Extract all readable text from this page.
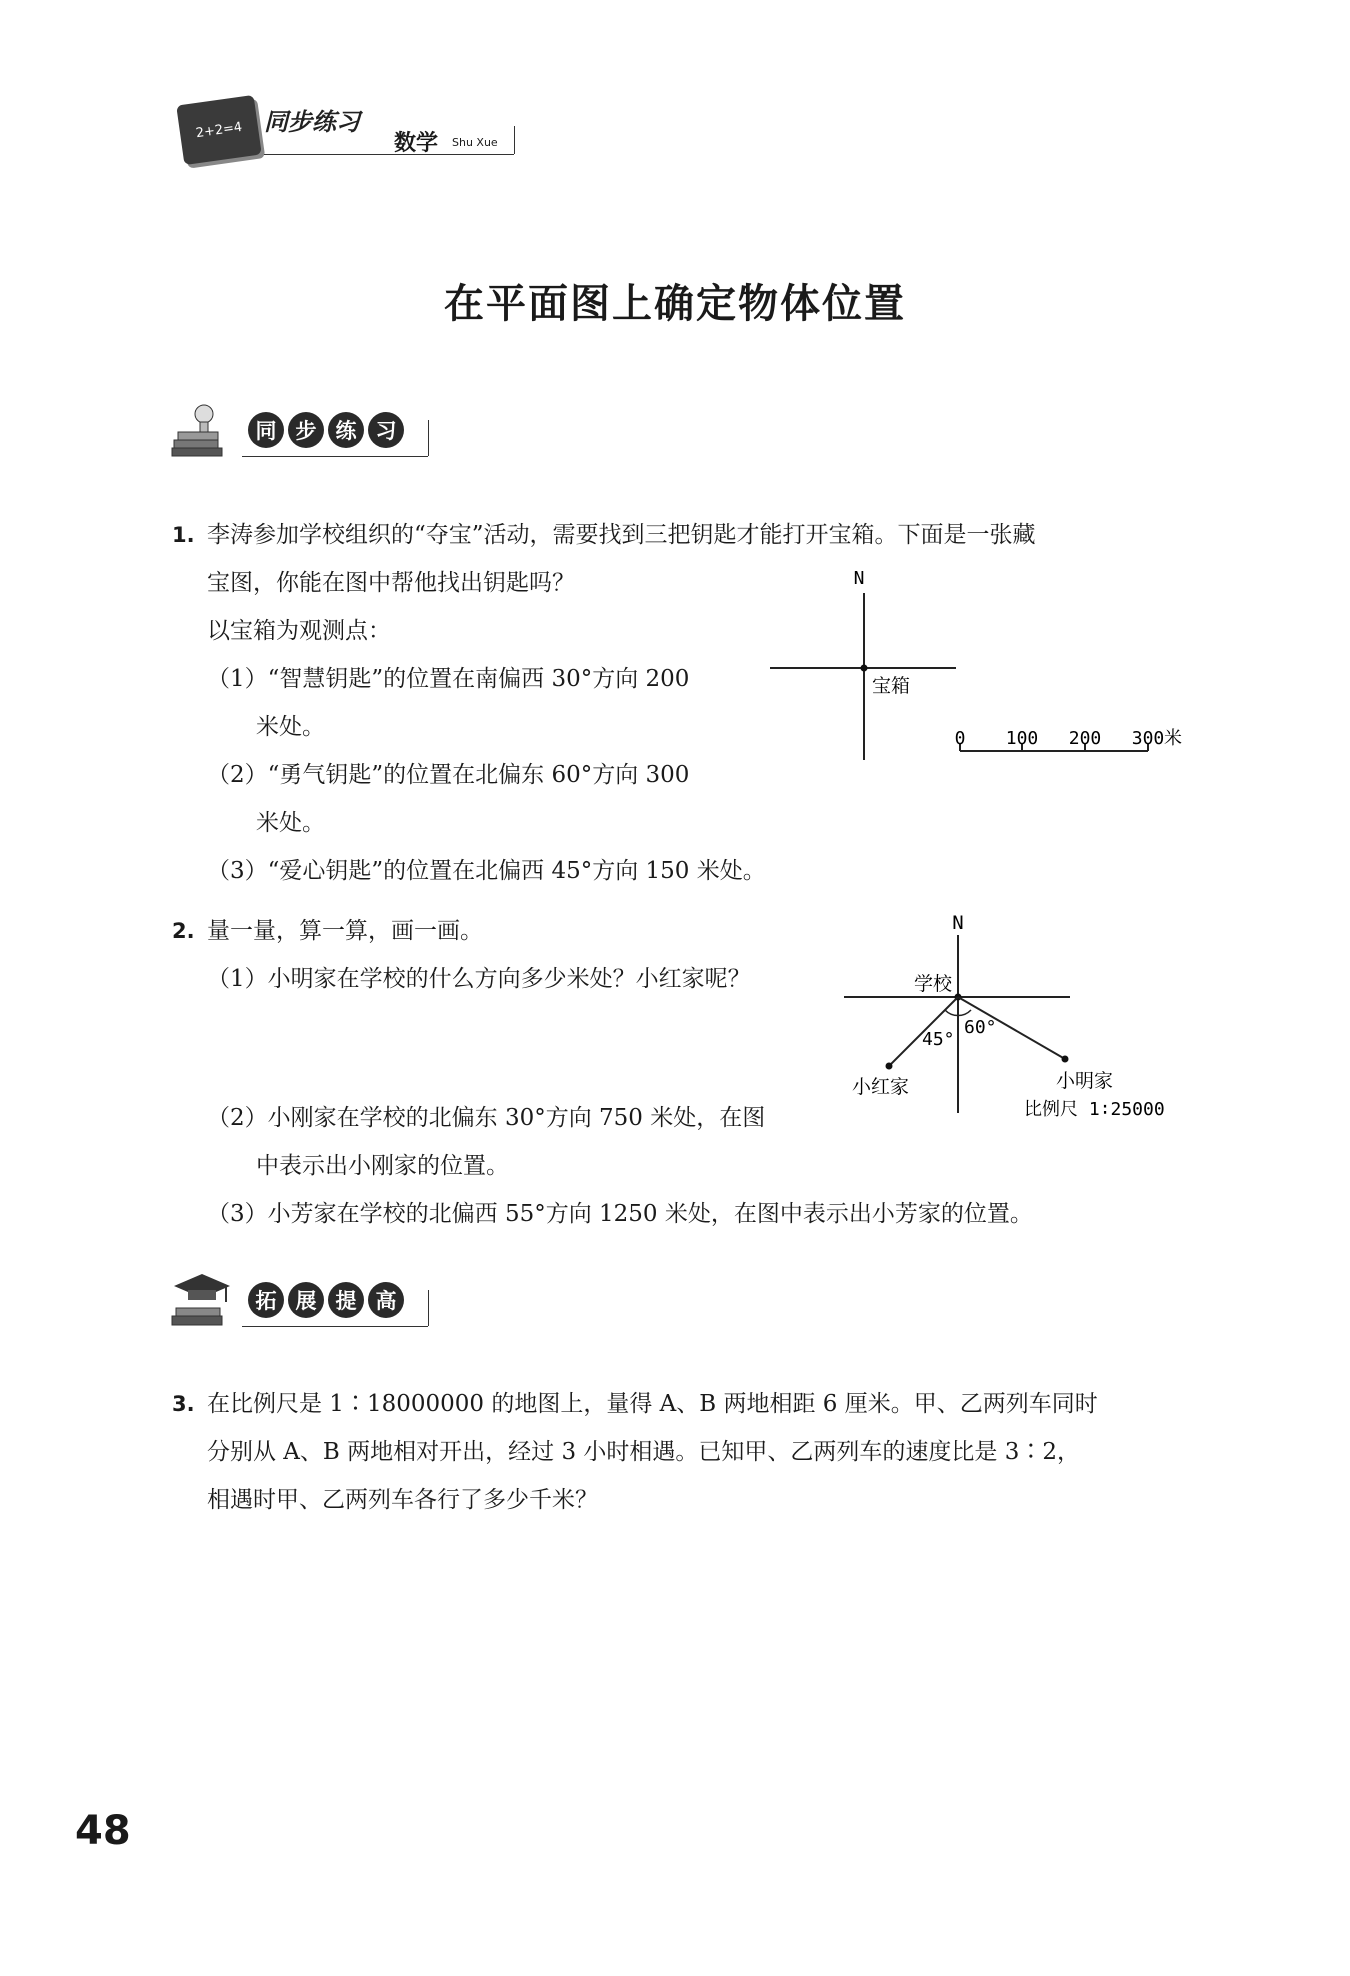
2+2=4 同步练习
数学 Shu Xue
在平面图上确定物体位置
同 步 练 习
1. 李涛参加学校组织的“夺宝”活动，需要找到三把钥匙才能打开宝箱。下面是一张藏
宝图，你能在图中帮他找出钥匙吗？
以宝箱为观测点：
（1）“智慧钥匙”的位置在南偏西 30°方向 200
米处。
（2）“勇气钥匙”的位置在北偏东 60°方向 300
米处。
（3）“爱心钥匙”的位置在北偏西 45°方向 150 米处。
N
宝箱
0 100 200 300 米
2. 量一量，算一算，画一画。
（1）小明家在学校的什么方向多少米处？小红家呢？
（2）小刚家在学校的北偏东 30°方向 750 米处，在图
中表示出小刚家的位置。
（3）小芳家在学校的北偏西 55°方向 1250 米处，在图中表示出小芳家的位置。
N
学校
60°
45°
小红家	小明家
比例尺 1∶25000
拓 展 提 高
3. 在比例尺是 1∶18000000 的地图上，量得 A、B 两地相距 6 厘米。甲、乙两列车同时
分别从 A、B 两地相对开出，经过 3 小时相遇。已知甲、乙两列车的速度比是 3∶2，
相遇时甲、乙两列车各行了多少千米？
48
